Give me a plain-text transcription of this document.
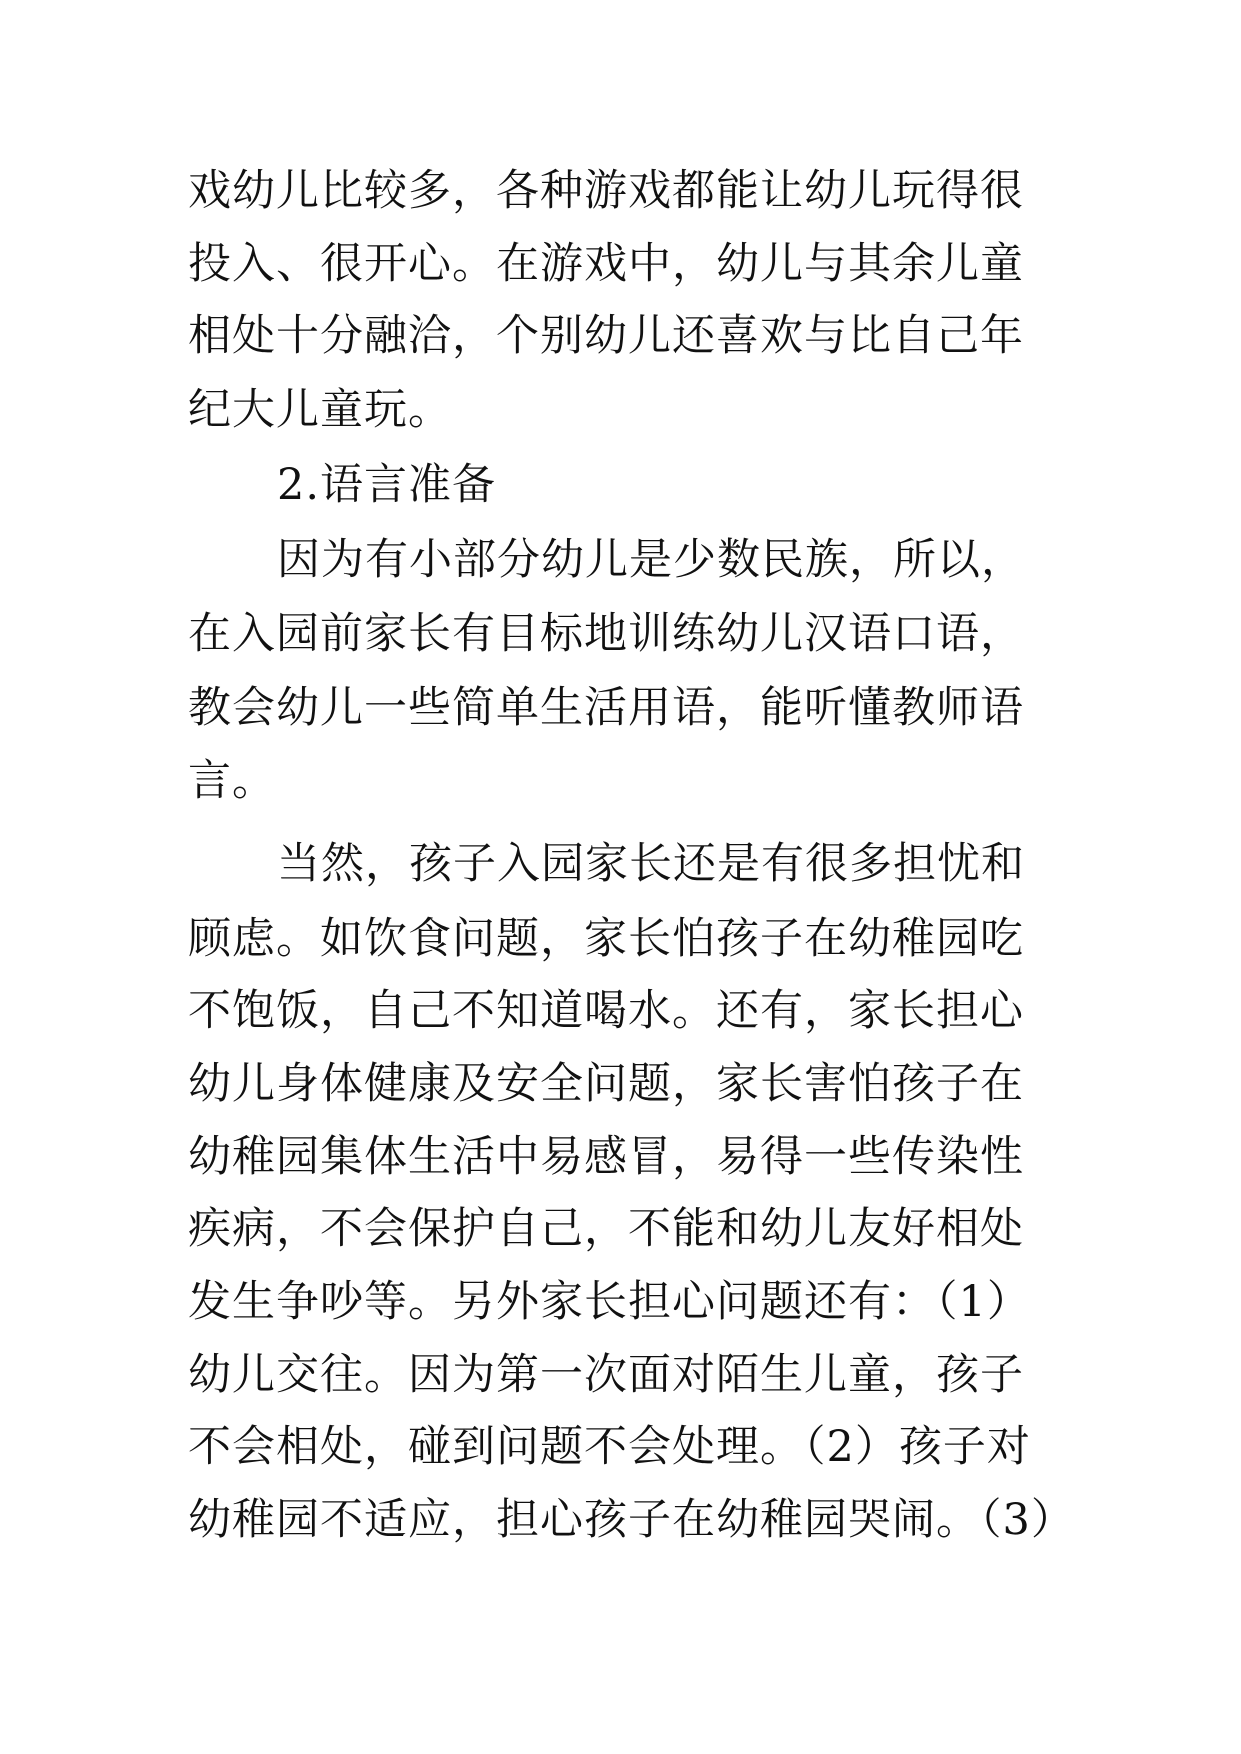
戏幼儿比较多，各种游戏都能让幼儿玩得很
投入、很开心。在游戏中，幼儿与其余儿童
相处十分融洽，个别幼儿还喜欢与比自己年
纪大儿童玩。
2.语言准备
因为有小部分幼儿是少数民族，所以，
在入园前家长有目标地训练幼儿汉语口语，
教会幼儿一些简单生活用语，能听懂教师语
言。
当然，孩子入园家长还是有很多担忧和
顾虑。如饮食问题，家长怕孩子在幼稚园吃
不饱饭，自己不知道喝水。还有，家长担心
幼儿身体健康及安全问题，家长害怕孩子在
幼稚园集体生活中易感冒，易得一些传染性
疾病，不会保护自己，不能和幼儿友好相处
发生争吵等。另外家长担心问题还有：（1）
幼儿交往。因为第一次面对陌生儿童，孩子
不会相处，碰到问题不会处理。（2）孩子对
幼稚园不适应，担心孩子在幼稚园哭闹。（3）
